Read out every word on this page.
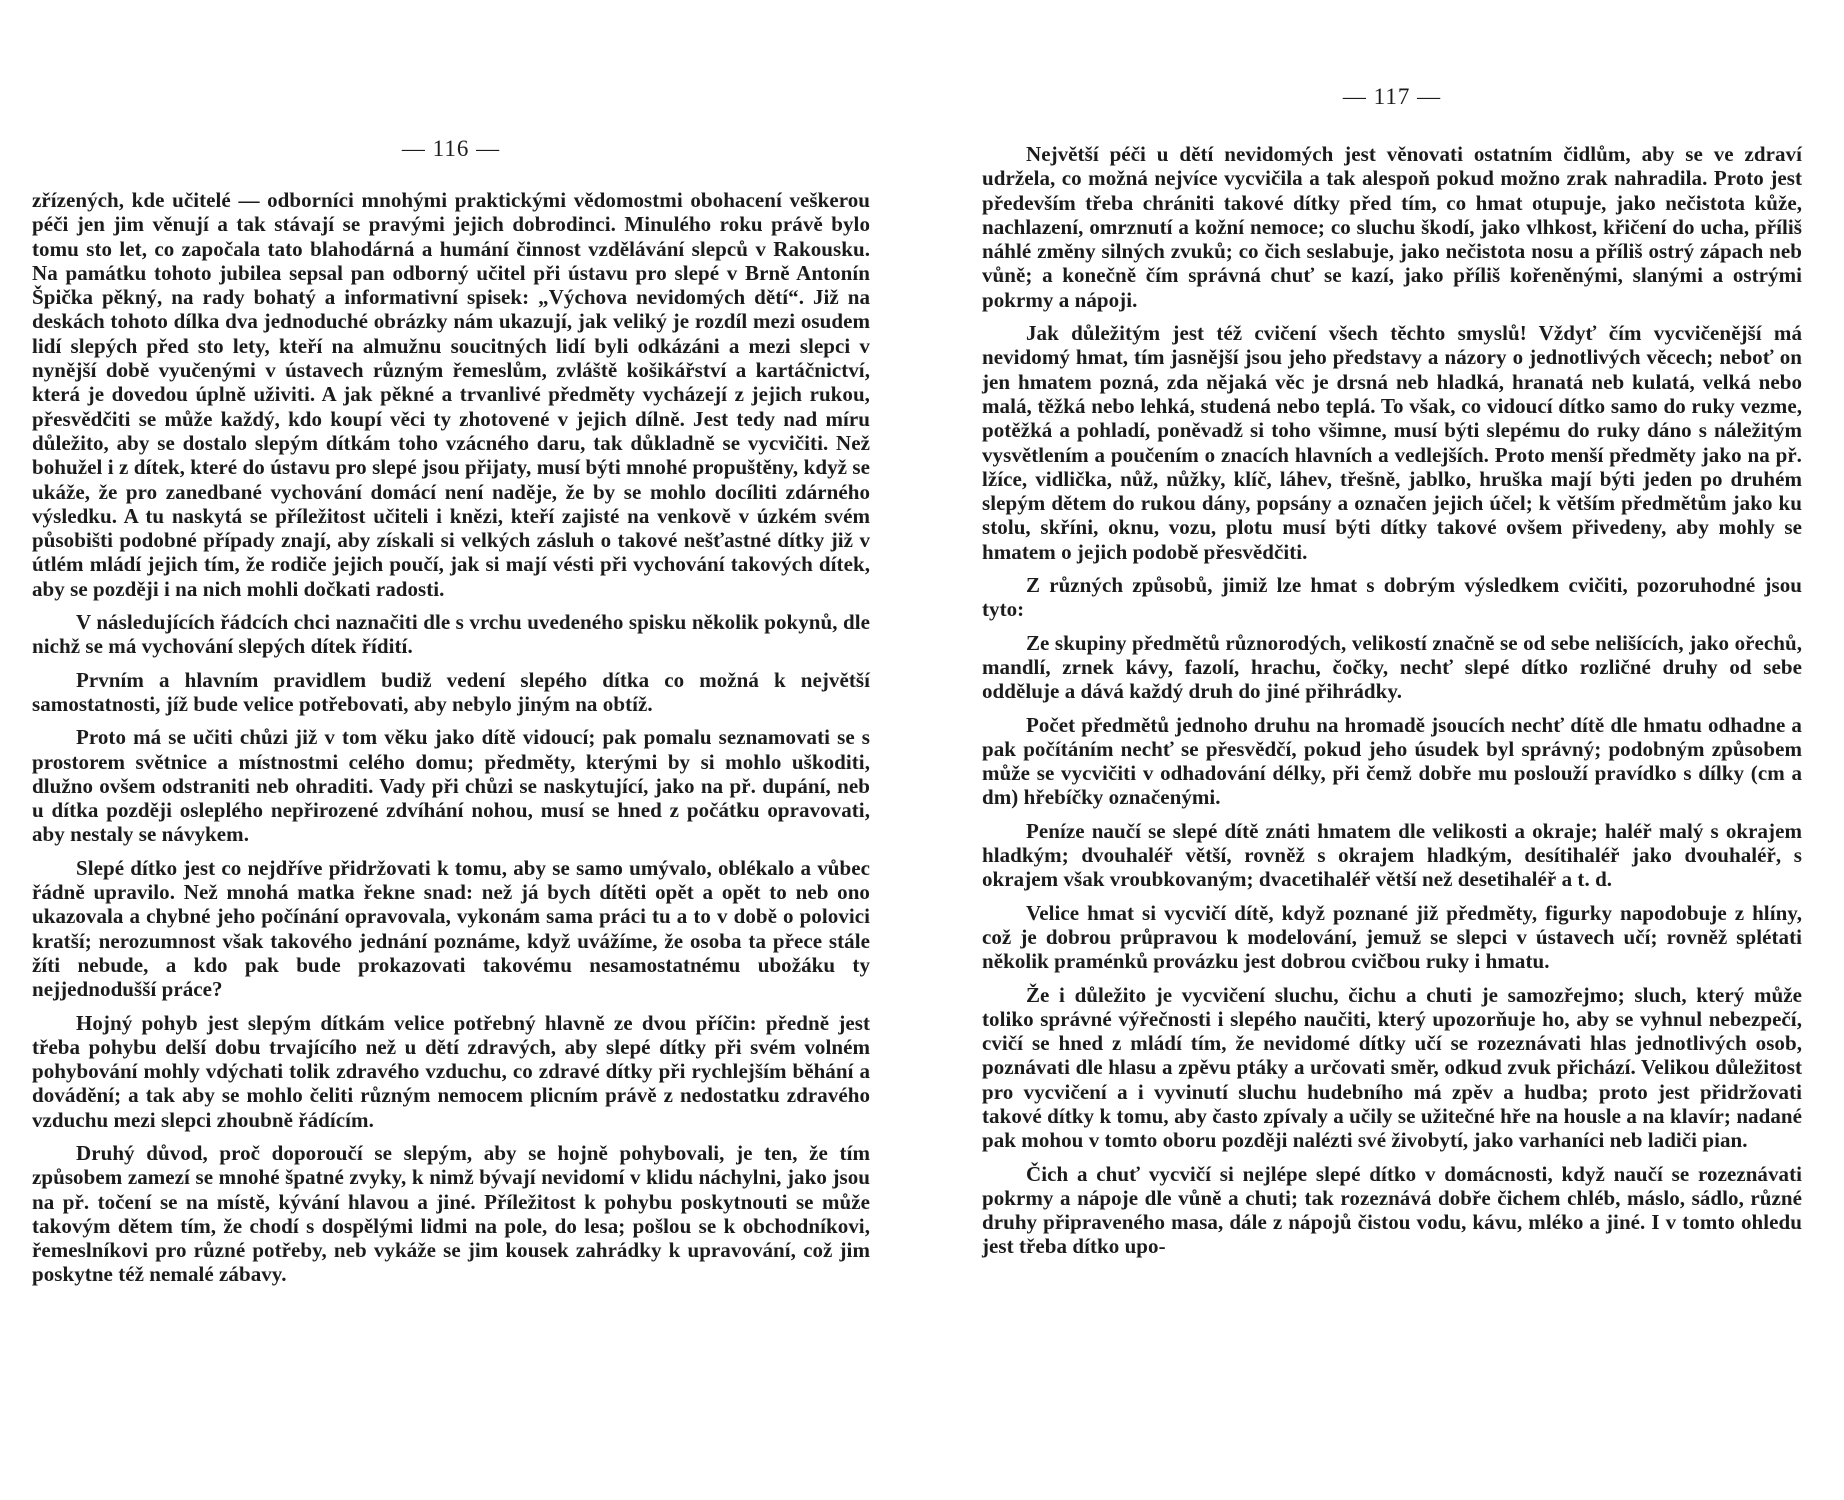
— 116 —

zřízených, kde učitelé — odborníci mnohými praktickými vědomostmi obohacení veškerou péči jen jim věnují a tak stávají se pravými jejich dobrodinci. Minulého roku právě bylo tomu sto let, co započala tato blahodárná a humání činnost vzdělávání slepců v Rakousku. Na památku tohoto jubilea sepsal pan odborný učitel při ústavu pro slepé v Brně Antonín Špička pěkný, na rady bohatý a informativní spisek: „Výchova nevidomých dětí“. Již na deskách tohoto dílka dva jednoduché obrázky nám ukazují, jak veliký je rozdíl mezi osudem lidí slepých před sto lety, kteří na almužnu soucitných lidí byli odkázáni a mezi slepci v nynější době vyučenými v ústavech různým řemeslům, zvláště košikářství a kartáčnictví, která je dovedou úplně uživiti. A jak pěkné a trvanlivé předměty vycházejí z jejich rukou, přesvědčiti se může každý, kdo koupí věci ty zhotovené v jejich dílně. Jest tedy nad míru důležito, aby se dostalo slepým dítkám toho vzácného daru, tak důkladně se vycvičiti. Než bohužel i z dítek, které do ústavu pro slepé jsou přijaty, musí býti mnohé propuštěny, když se ukáže, že pro zanedbané vychování domácí není naděje, že by se mohlo docíliti zdárného výsledku. A tu naskytá se příležitost učiteli i knězi, kteří zajisté na venkově v úzkém svém působišti podobné případy znají, aby získali si velkých zásluh o takové nešťastné dítky již v útlém mládí jejich tím, že rodiče jejich poučí, jak si mají vésti při vychování takových dítek, aby se později i na nich mohli dočkati radosti.

V následujících řádcích chci naznačiti dle s vrchu uvedeného spisku několik pokynů, dle nichž se má vychování slepých dítek řídití.

Prvním a hlavním pravidlem budiž vedení slepého dítka co možná k největší samostatnosti, jíž bude velice potřebovati, aby nebylo jiným na obtíž.

Proto má se učiti chůzi již v tom věku jako dítě vidoucí; pak pomalu seznamovati se s prostorem světnice a místnostmi celého domu; předměty, kterými by si mohlo uškoditi, dlužno ovšem odstraniti neb ohraditi. Vady při chůzi se naskytující, jako na př. dupání, neb u dítka později osleplého nepřirozené zdvíhání nohou, musí se hned z počátku opravovati, aby nestaly se návykem.

Slepé dítko jest co nejdříve přidržovati k tomu, aby se samo umývalo, oblékalo a vůbec řádně upravilo. Než mnohá matka řekne snad: než já bych dítěti opět a opět to neb ono ukazovala a chybné jeho počínání opravovala, vykonám sama práci tu a to v době o polovici kratší; nerozumnost však takového jednání poznáme, když uvážíme, že osoba ta přece stále žíti nebude, a kdo pak bude prokazovati takovému nesamostatnému ubožáku ty nejjednodušší práce?

Hojný pohyb jest slepým dítkám velice potřebný hlavně ze dvou příčin: předně jest třeba pohybu delší dobu trvajícího než u dětí zdravých, aby slepé dítky při svém volném pohybování mohly vdýchati tolik zdravého vzduchu, co zdravé dítky při rychlejším běhání a dovádění; a tak aby se mohlo čeliti různým nemocem plicním právě z nedostatku zdravého vzduchu mezi slepci zhoubně řádícím.

Druhý důvod, proč doporoučí se slepým, aby se hojně pohybovali, je ten, že tím způsobem zamezí se mnohé špatné zvyky, k nimž bývají nevidomí v klidu náchylni, jako jsou na př. točení se na místě, kývání hlavou a jiné. Příležitost k pohybu poskytnouti se může takovým dětem tím, že chodí s dospělými lidmi na pole, do lesa; pošlou se k obchodníkovi, řemeslníkovi pro různé potřeby, neb vykáže se jim kousek zahrádky k upravování, což jim poskytne též nemalé zábavy.

— 117 —

Největší péči u dětí nevidomých jest věnovati ostatním čidlům, aby se ve zdraví udržela, co možná nejvíce vycvičila a tak alespoň pokud možno zrak nahradila. Proto jest především třeba chrániti takové dítky před tím, co hmat otupuje, jako nečistota kůže, nachlazení, omrznutí a kožní nemoce; co sluchu škodí, jako vlhkost, křičení do ucha, příliš náhlé změny silných zvuků; co čich seslabuje, jako nečistota nosu a příliš ostrý zápach neb vůně; a konečně čím správná chuť se kazí, jako příliš kořeněnými, slanými a ostrými pokrmy a nápoji.

Jak důležitým jest též cvičení všech těchto smyslů! Vždyť čím vycvičenější má nevidomý hmat, tím jasnější jsou jeho představy a názory o jednotlivých věcech; neboť on jen hmatem pozná, zda nějaká věc je drsná neb hladká, hranatá neb kulatá, velká nebo malá, těžká nebo lehká, studená nebo teplá. To však, co vidoucí dítko samo do ruky vezme, potěžká a pohladí, poněvadž si toho všimne, musí býti slepému do ruky dáno s náležitým vysvětlením a poučením o znacích hlavních a vedlejších. Proto menší předměty jako na př. lžíce, vidlička, nůž, nůžky, klíč, láhev, třešně, jablko, hruška mají býti jeden po druhém slepým dětem do rukou dány, popsány a označen jejich účel; k větším předmětům jako ku stolu, skříni, oknu, vozu, plotu musí býti dítky takové ovšem přivedeny, aby mohly se hmatem o jejich podobě přesvědčiti.

Z různých způsobů, jimiž lze hmat s dobrým výsledkem cvičiti, pozoruhodné jsou tyto:

Ze skupiny předmětů různorodých, velikostí značně se od sebe nelišících, jako ořechů, mandlí, zrnek kávy, fazolí, hrachu, čočky, nechť slepé dítko rozličné druhy od sebe odděluje a dává každý druh do jiné přihrádky.

Počet předmětů jednoho druhu na hromadě jsoucích nechť dítě dle hmatu odhadne a pak počítáním nechť se přesvědčí, pokud jeho úsudek byl správný; podobným způsobem může se vycvičiti v odhadování délky, při čemž dobře mu poslouží pravídko s dílky (cm a dm) hřebíčky označenými.

Peníze naučí se slepé dítě znáti hmatem dle velikosti a okraje; haléř malý s okrajem hladkým; dvouhaléř větší, rovněž s okrajem hladkým, desítihaléř jako dvouhaléř, s okrajem však vroubkovaným; dvacetihaléř větší než desetihaléř a t. d.

Velice hmat si vycvičí dítě, když poznané již předměty, figurky napodobuje z hlíny, což je dobrou průpravou k modelování, jemuž se slepci v ústavech učí; rovněž splétati několik praménků provázku jest dobrou cvičbou ruky i hmatu.

Že i důležito je vycvičení sluchu, čichu a chuti je samozřejmo; sluch, který může toliko správné výřečnosti i slepého naučiti, který upozorňuje ho, aby se vyhnul nebezpečí, cvičí se hned z mládí tím, že nevidomé dítky učí se rozeznávati hlas jednotlivých osob, poznávati dle hlasu a zpěvu ptáky a určovati směr, odkud zvuk přichází. Velikou důležitost pro vycvičení a i vyvinutí sluchu hudebního má zpěv a hudba; proto jest přidržovati takové dítky k tomu, aby často zpívaly a učily se užitečné hře na housle a na klavír; nadané pak mohou v tomto oboru později nalézti své živobytí, jako varhaníci neb ladiči pian.

Čich a chuť vycvičí si nejlépe slepé dítko v domácnosti, když naučí se rozeznávati pokrmy a nápoje dle vůně a chuti; tak rozeznává dobře čichem chléb, máslo, sádlo, různé druhy připraveného masa, dále z nápojů čistou vodu, kávu, mléko a jiné. I v tomto ohledu jest třeba dítko upo-
